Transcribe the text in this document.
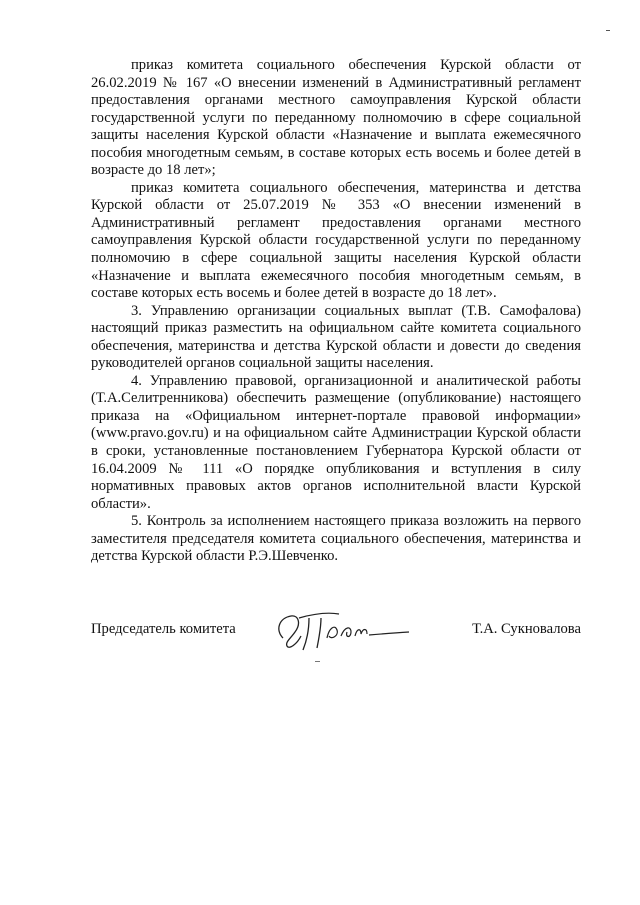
приказ комитета социального обеспечения Курской области от 26.02.2019 № 167 «О внесении изменений в Административный регламент предоставления органами местного самоуправления Курской области государственной услуги по переданному полномочию в сфере социальной защиты населения Курской области «Назначение и выплата ежемесячного пособия многодетным семьям, в составе которых есть восемь и более детей в возрасте до 18 лет»;

приказ комитета социального обеспечения, материнства и детства Курской области от 25.07.2019 № 353 «О внесении изменений в Административный регламент предоставления органами местного самоуправления Курской области государственной услуги по переданному полномочию в сфере социальной защиты населения Курской области «Назначение и выплата ежемесячного пособия многодетным семьям, в составе которых есть восемь и более детей в возрасте до 18 лет».

3. Управлению организации социальных выплат (Т.В. Самофалова) настоящий приказ разместить на официальном сайте комитета социального обеспечения, материнства и детства Курской области и довести до сведения руководителей органов социальной защиты населения.

4. Управлению правовой, организационной и аналитической работы (Т.А.Селитренникова) обеспечить размещение (опубликование) настоящего приказа на «Официальном интернет-портале правовой информации» (www.pravo.gov.ru) и на официальном сайте Администрации Курской области в сроки, установленные постановлением Губернатора Курской области от 16.04.2009 № 111 «О порядке опубликования и вступления в силу нормативных правовых актов органов исполнительной власти Курской области».

5. Контроль за исполнением настоящего приказа возложить на первого заместителя председателя комитета социального обеспечения, материнства и детства Курской области Р.Э.Шевченко.

Председатель комитета	Т.А. Сукновалова
